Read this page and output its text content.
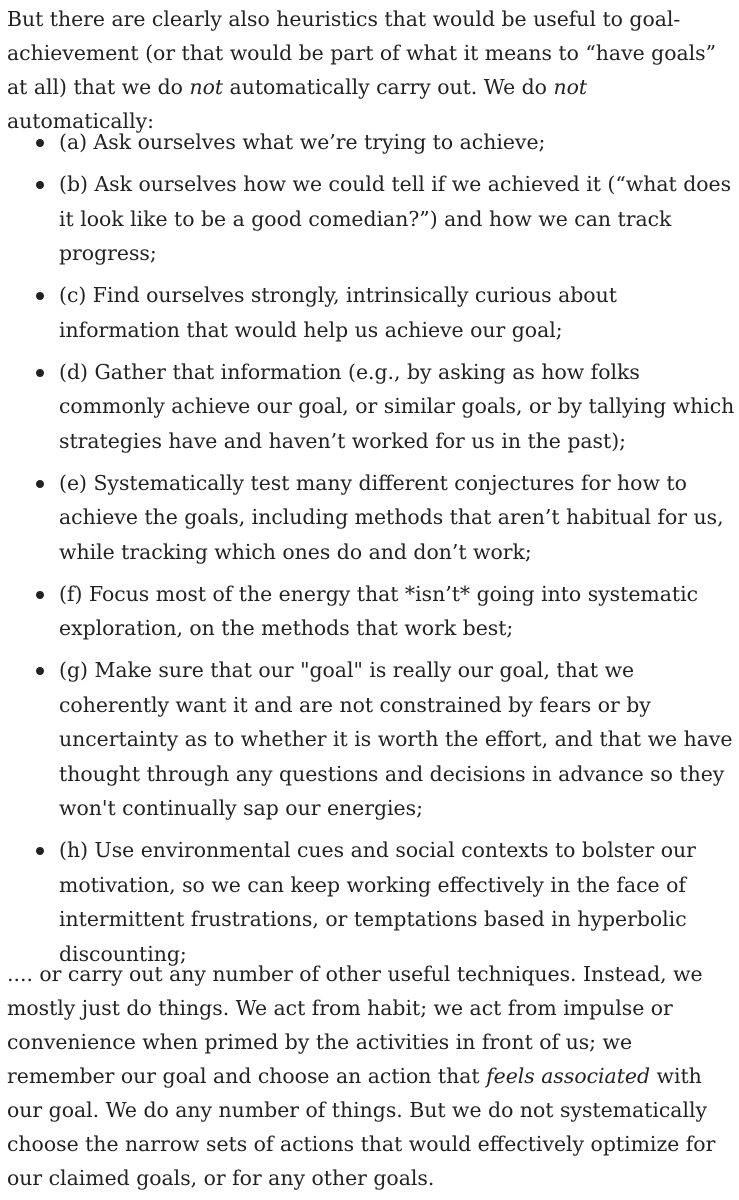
But there are clearly also heuristics that would be useful to goal-achievement (or that would be part of what it means to “have goals” at all) that we do not automatically carry out. We do not automatically:

(a) Ask ourselves what we’re trying to achieve;
(b) Ask ourselves how we could tell if we achieved it (“what does it look like to be a good comedian?”) and how we can track progress;
(c) Find ourselves strongly, intrinsically curious about information that would help us achieve our goal;
(d) Gather that information (e.g., by asking as how folks commonly achieve our goal, or similar goals, or by tallying which strategies have and haven’t worked for us in the past);
(e) Systematically test many different conjectures for how to achieve the goals, including methods that aren’t habitual for us, while tracking which ones do and don’t work;
(f) Focus most of the energy that *isn’t* going into systematic exploration, on the methods that work best;
(g) Make sure that our "goal" is really our goal, that we coherently want it and are not constrained by fears or by uncertainty as to whether it is worth the effort, and that we have thought through any questions and decisions in advance so they won't continually sap our energies;
(h) Use environmental cues and social contexts to bolster our motivation, so we can keep working effectively in the face of intermittent frustrations, or temptations based in hyperbolic discounting;

.... or carry out any number of other useful techniques. Instead, we mostly just do things. We act from habit; we act from impulse or convenience when primed by the activities in front of us; we remember our goal and choose an action that feels associated with our goal. We do any number of things. But we do not systematically choose the narrow sets of actions that would effectively optimize for our claimed goals, or for any other goals.
